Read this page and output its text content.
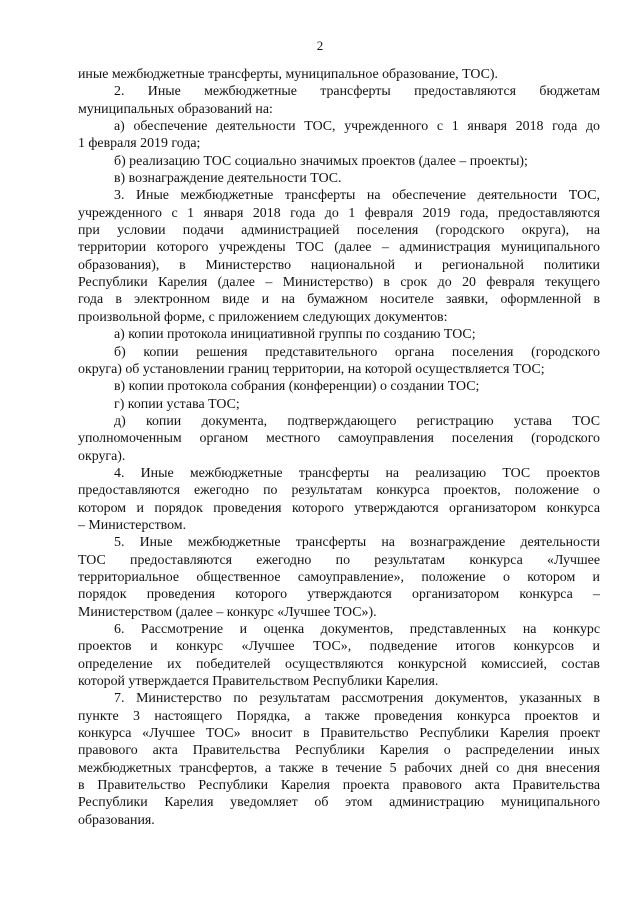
2
иные межбюджетные трансферты, муниципальное образование, ТОС).
2. Иные межбюджетные трансферты предоставляются бюджетам
муниципальных образований на:
а) обеспечение деятельности ТОС, учрежденного с 1 января 2018 года до
1 февраля 2019 года;
б) реализацию ТОС социально значимых проектов (далее – проекты);
в) вознаграждение деятельности ТОС.
3. Иные межбюджетные трансферты на обеспечение деятельности ТОС,
учрежденного с 1 января 2018 года до 1 февраля 2019 года, предоставляются
при условии подачи администрацией поселения (городского округа), на
территории которого учреждены ТОС (далее – администрация муниципального
образования), в Министерство национальной и региональной политики
Республики Карелия (далее – Министерство) в срок до 20 февраля текущего
года в электронном виде и на бумажном носителе заявки, оформленной в
произвольной форме, с приложением следующих документов:
а) копии протокола инициативной группы по созданию ТОС;
б) копии решения представительного органа поселения (городского
округа) об установлении границ территории, на которой осуществляется ТОС;
в) копии протокола собрания (конференции) о создании ТОС;
г) копии устава ТОС;
д) копии документа, подтверждающего регистрацию устава ТОС
уполномоченным органом местного самоуправления поселения (городского
округа).
4. Иные межбюджетные трансферты на реализацию ТОС проектов
предоставляются ежегодно по результатам конкурса проектов, положение о
котором и порядок проведения которого утверждаются организатором конкурса
– Министерством.
5. Иные межбюджетные трансферты на вознаграждение деятельности
ТОС предоставляются ежегодно по результатам конкурса «Лучшее
территориальное общественное самоуправление», положение о котором и
порядок проведения которого утверждаются организатором конкурса –
Министерством (далее – конкурс «Лучшее ТОС»).
6. Рассмотрение и оценка документов, представленных на конкурс
проектов и конкурс «Лучшее ТОС», подведение итогов конкурсов и
определение их победителей осуществляются конкурсной комиссией, состав
которой утверждается Правительством Республики Карелия.
7. Министерство по результатам рассмотрения документов, указанных в
пункте 3 настоящего Порядка, а также проведения конкурса проектов и
конкурса «Лучшее ТОС» вносит в Правительство Республики Карелия проект
правового акта Правительства Республики Карелия о распределении иных
межбюджетных трансфертов, а также в течение 5 рабочих дней со дня внесения
в Правительство Республики Карелия проекта правового акта Правительства
Республики Карелия уведомляет об этом администрацию муниципального
образования.
